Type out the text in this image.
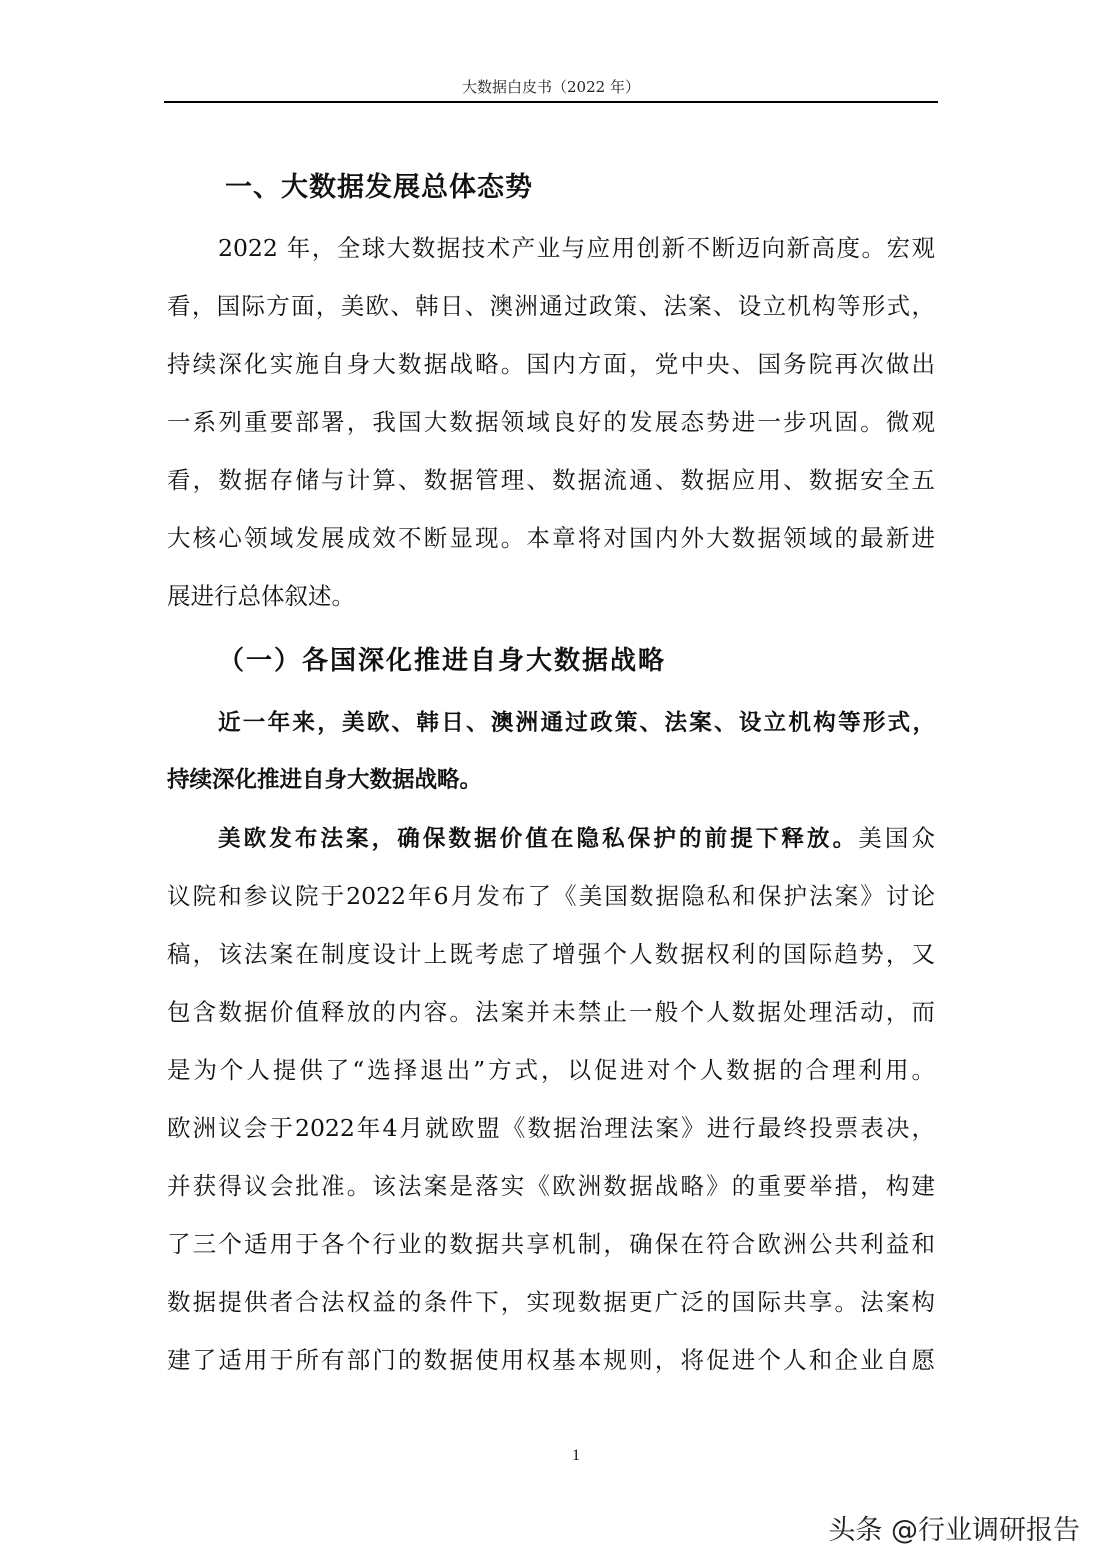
大数据白皮书（2022 年）
一、大数据发展总体态势
2022 年，全球大数据技术产业与应用创新不断迈向新高度。宏观
看，国际方面，美欧、韩日、澳洲通过政策、法案、设立机构等形式，
持续深化实施自身大数据战略。国内方面，党中央、国务院再次做出
一系列重要部署，我国大数据领域良好的发展态势进一步巩固。微观
看，数据存储与计算、数据管理、数据流通、数据应用、数据安全五
大核心领域发展成效不断显现。本章将对国内外大数据领域的最新进
展进行总体叙述。
（一）各国深化推进自身大数据战略
近一年来，美欧、韩日、澳洲通过政策、法案、设立机构等形式，
持续深化推进自身大数据战略。
美欧发布法案，确保数据价值在隐私保护的前提下释放。美国众
议院和参议院于2022年6月发布了《美国数据隐私和保护法案》讨论
稿，该法案在制度设计上既考虑了增强个人数据权利的国际趋势，又
包含数据价值释放的内容。法案并未禁止一般个人数据处理活动，而
是为个人提供了“选择退出”方式，以促进对个人数据的合理利用。
欧洲议会于2022年4月就欧盟《数据治理法案》进行最终投票表决，
并获得议会批准。该法案是落实《欧洲数据战略》的重要举措，构建
了三个适用于各个行业的数据共享机制，确保在符合欧洲公共利益和
数据提供者合法权益的条件下，实现数据更广泛的国际共享。法案构
建了适用于所有部门的数据使用权基本规则，将促进个人和企业自愿
1
头条 @行业调研报告
